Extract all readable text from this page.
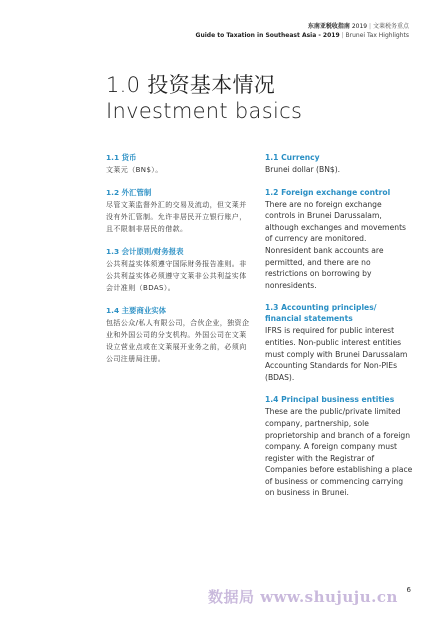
东南亚税收指南 2019 | 文莱税务重点
Guide to Taxation in Southeast Asia - 2019 | Brunei Tax Highlights
1.0 投资基本情况
Investment basics
1.1 货币
文莱元（BN$）。
1.2 外汇管制
尽管文莱监督外汇的交易及流动，但文莱并没有外汇管制。允许非居民开立银行账户，且不限制非居民的借款。
1.3 会计原则/财务报表
公共利益实体须遵守国际财务报告准则。非公共利益实体必须遵守文莱非公共利益实体会计准则（BDAS）。
1.4 主要商业实体
包括公众/私人有限公司，合伙企业，独资企业和外国公司的分支机构。外国公司在文莱设立营业点或在文莱展开业务之前，必须向公司注册局注册。
1.1 Currency
Brunei dollar (BN$).
1.2 Foreign exchange control
There are no foreign exchange controls in Brunei Darussalam, although exchanges and movements of currency are monitored. Nonresident bank accounts are permitted, and there are no restrictions on borrowing by nonresidents.
1.3 Accounting principles/ financial statements
IFRS is required for public interest entities. Non-public interest entities must comply with Brunei Darussalam Accounting Standards for Non-PIEs (BDAS).
1.4 Principal business entities
These are the public/private limited company, partnership, sole proprietorship and branch of a foreign company. A foreign company must register with the Registrar of Companies before establishing a place of business or commencing carrying on business in Brunei.
数据局 www.shujuju.cn 6
